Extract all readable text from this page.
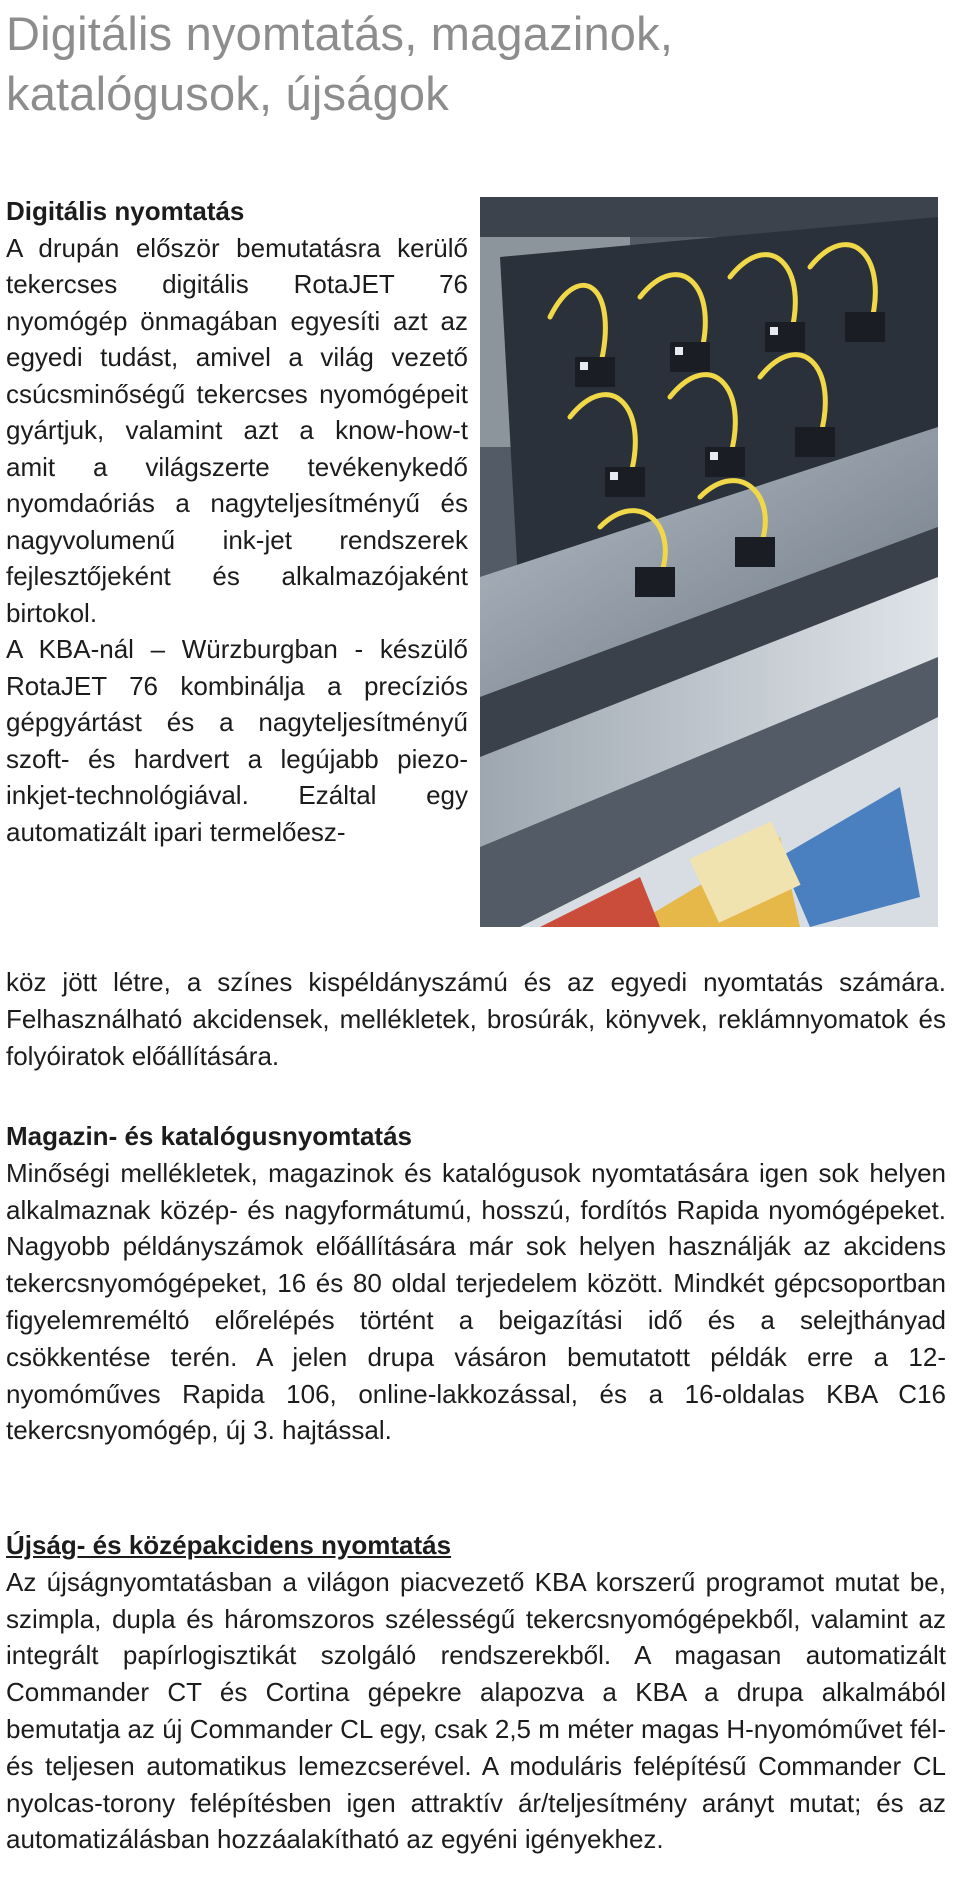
Digitális nyomtatás, magazinok, katalógusok, újságok

Digitális nyomtatás

A drupán először bemutatásra kerülő tekercses digitális RotaJET 76 nyomógép önmagában egyesíti azt az egyedi tudást, amivel a világ vezető csúcsminőségű tekercses nyomógépeit gyártjuk, valamint azt a know-how-t amit a világszerte tevékenykedő nyomdaóriás a nagyteljesítményű és nagyvolumenű ink-jet rendszerek fejlesztőjeként és alkalmazójaként birtokol.

A KBA-nál – Würzburgban - készülő RotaJET 76 kombinálja a precíziós gépgyártást és a nagyteljesítményű szoft- és hardvert a legújabb piezo-inkjet-technológiával. Ezáltal egy automatizált ipari termelőesz-

köz jött létre, a színes kispéldányszámú és az egyedi nyomtatás számára. Felhasználható akcidensek, mellékletek, brosúrák, könyvek, reklámnyomatok és folyóiratok előállítására.

Magazin- és katalógusnyomtatás

Minőségi mellékletek, magazinok és katalógusok nyomtatására igen sok helyen alkalmaznak közép- és nagyformátumú, hosszú, fordítós Rapida nyomógépeket. Nagyobb példányszámok előállítására már sok helyen használják az akcidens tekercsnyomógépeket, 16 és 80 oldal terjedelem között. Mindkét gépcsoportban figyelemreméltó előrelépés történt a beigazítási idő és a selejthányad csökkentése terén. A jelen drupa vásáron bemutatott példák erre a 12-nyomóműves Rapida 106, online-lakkozással, és a 16-oldalas KBA C16 tekercsnyomógép, új 3. hajtással.

Újság- és középakcidens nyomtatás

Az újságnyomtatásban a világon piacvezető KBA korszerű programot mutat be, szimpla, dupla és háromszoros szélességű tekercsnyomógépekből, valamint az integrált papírlogisztikát szolgáló rendszerekből. A magasan automatizált Commander CT és Cortina gépekre alapozva a KBA a drupa alkalmából bemutatja az új Commander CL egy, csak 2,5 m méter magas H-nyomóművet fél- és teljesen automatikus lemezcserével. A moduláris felépítésű Commander CL nyolcas-torony felépítésben igen attraktív ár/teljesítmény arányt mutat; és az automatizálásban hozzáalakítható az egyéni igényekhez.
